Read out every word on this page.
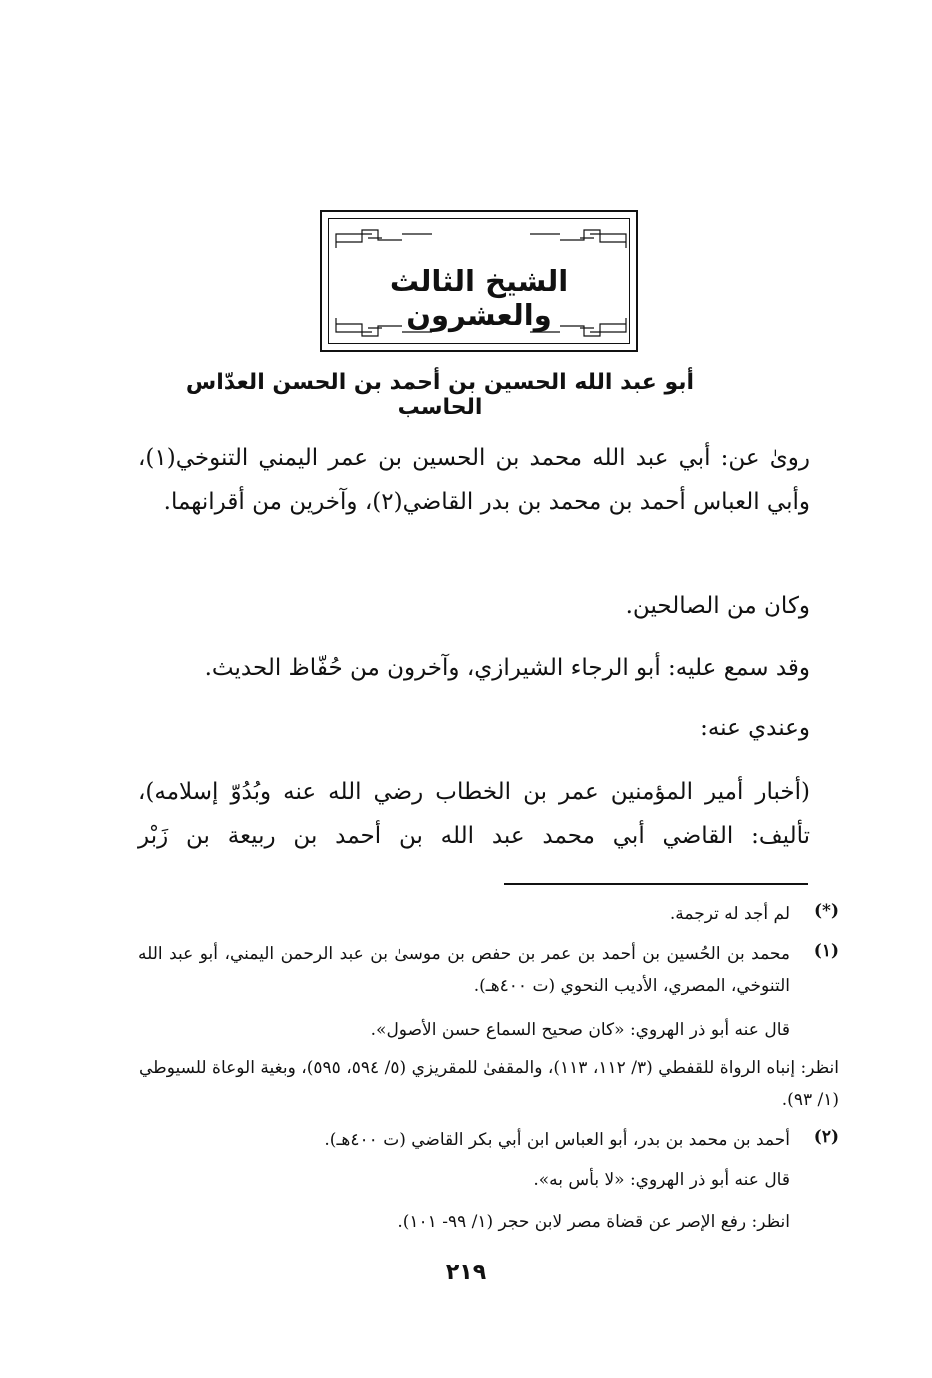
الشيخ الثالث والعشرون
أبو عبد الله الحسين بن أحمد بن الحسن العدّاس الحاسب
روىٰ عن: أبي عبد الله محمد بن الحسين بن عمر اليمني التنوخي(١)، وأبي العباس أحمد بن محمد بن بدر القاضي(٢)، وآخرين من أقرانهما.
وكان من الصالحين.
وقد سمع عليه: أبو الرجاء الشيرازي، وآخرون من حُفّاظ الحديث.
وعندي عنه:
(أخبار أمير المؤمنين عمر بن الخطاب رضي الله عنه وبُدُوّ إسلامه)،
تأليف: القاضي أبي محمد عبد الله بن أحمد بن ربيعة بن زَبْر
(*)
لم أجد له ترجمة.
(١)
محمد بن الحُسين بن أحمد بن عمر بن حفص بن موسىٰ بن عبد الرحمن اليمني، أبو عبد الله التنوخي، المصري، الأديب النحوي (ت ٤٠٠هـ).
قال عنه أبو ذر الهروي: «كان صحيح السماع حسن الأصول».
انظر: إنباه الرواة للقفطي (٣/ ١١٢، ١١٣)، والمقفىٰ للمقريزي (٥/ ٥٩٤، ٥٩٥)، وبغية الوعاة للسيوطي (١/ ٩٣).
(٢)
أحمد بن محمد بن بدر، أبو العباس ابن أبي بكر القاضي (ت ٤٠٠هـ).
قال عنه أبو ذر الهروي: «لا بأس به».
انظر: رفع الإصر عن قضاة مصر لابن حجر (١/ ٩٩- ١٠١).
٢١٩
